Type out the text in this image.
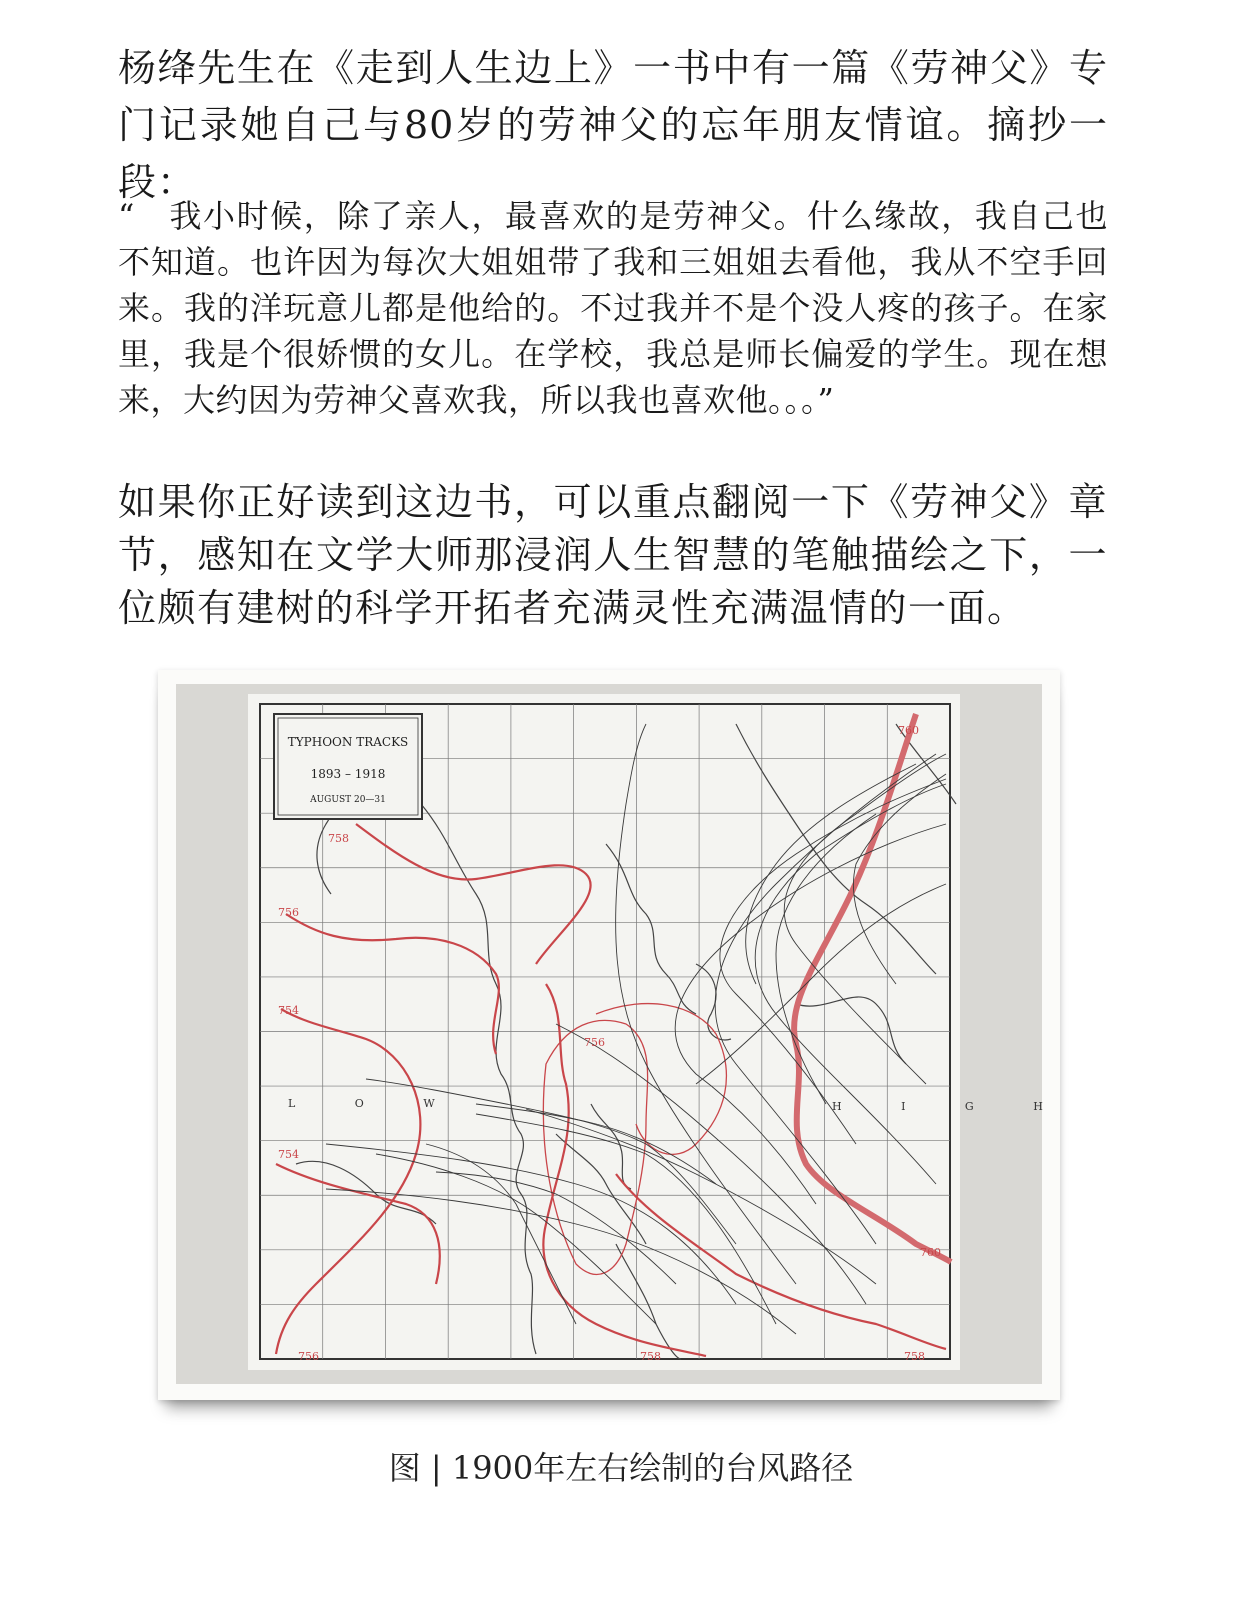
杨绛先生在《走到人生边上》一书中有一篇《劳神父》专门记录她自己与80岁的劳神父的忘年朋友情谊。摘抄一段：

“　我小时候，除了亲人，最喜欢的是劳神父。什么缘故，我自己也不知道。也许因为每次大姐姐带了我和三姐姐去看他，我从不空手回来。我的洋玩意儿都是他给的。不过我并不是个没人疼的孩子。在家里，我是个很娇惯的女儿。在学校，我总是师长偏爱的学生。现在想来，大约因为劳神父喜欢我，所以我也喜欢他。。。”

如果你正好读到这边书，可以重点翻阅一下《劳神父》章节，感知在文学大师那浸润人生智慧的笔触描绘之下，一位颇有建树的科学开拓者充满灵性充满温情的一面。

TYPHOON TRACKS
1893 – 1918
AUGUST 20—31
758
756
754
754
756
760
760
756	758	758
L O W	H I G H

图 | 1900年左右绘制的台风路径
